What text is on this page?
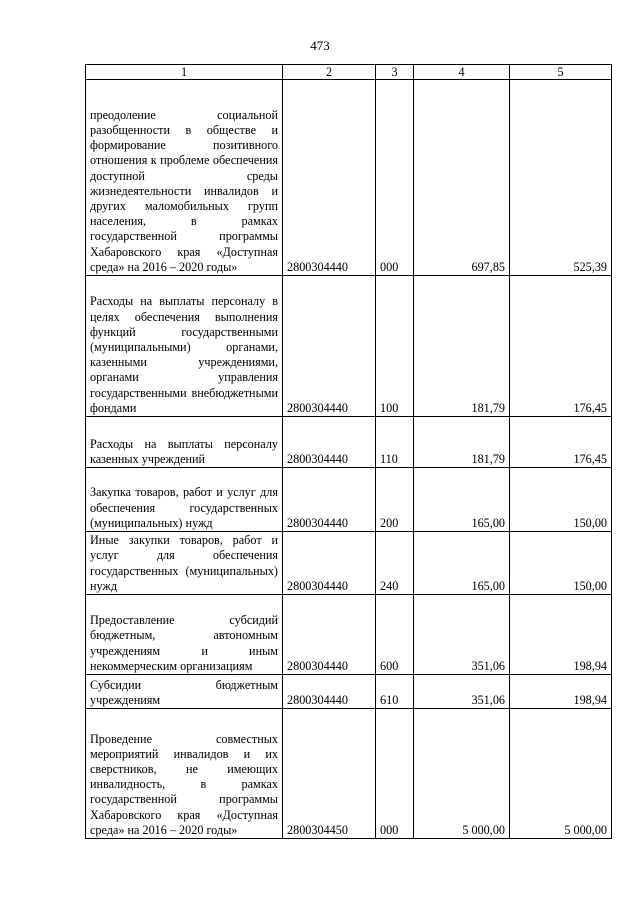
473
1	2	3	4	5
преодоление социальной разобщенности в обществе и формирование позитивного отношения к проблеме обеспечения доступной среды жизнедеятельности инвалидов и других маломобильных групп населения, в рамках государственной программы Хабаровского края «Доступная среда» на 2016 – 2020 годы»	2800304440	000	697,85	525,39
Расходы на выплаты персоналу в целях обеспечения выполнения функций государственными (муниципальными) органами, казенными учреждениями, органами управления государственными внебюджетными фондами	2800304440	100	181,79	176,45
Расходы на выплаты персоналу казенных учреждений	2800304440	110	181,79	176,45
Закупка товаров, работ и услуг для обеспечения государственных (муниципальных) нужд	2800304440	200	165,00	150,00
Иные закупки товаров, работ и услуг для обеспечения государственных (муниципальных) нужд	2800304440	240	165,00	150,00
Предоставление субсидий бюджетным, автономным учреждениям и иным некоммерческим организациям	2800304440	600	351,06	198,94
Субсидии бюджетным учреждениям	2800304440	610	351,06	198,94
Проведение совместных мероприятий инвалидов и их сверстников, не имеющих инвалидность, в рамках государственной программы Хабаровского края «Доступная среда» на 2016 – 2020 годы»	2800304450	000	5 000,00	5 000,00
